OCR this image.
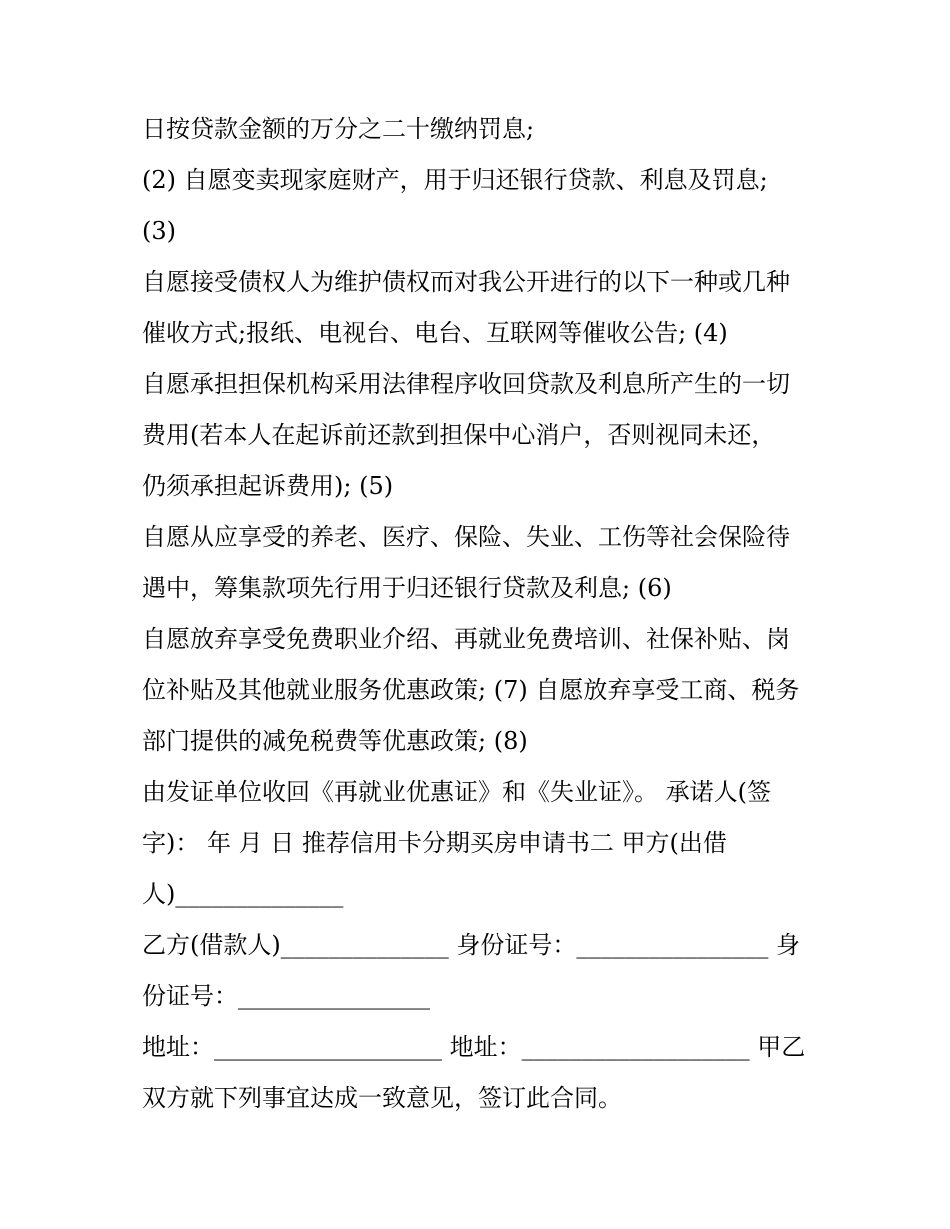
日按贷款金额的万分之二十缴纳罚息;
(2) 自愿变卖现家庭财产，用于归还银行贷款、利息及罚息;
(3)
自愿接受债权人为维护债权而对我公开进行的以下一种或几种
催收方式;报纸、电视台、电台、互联网等催收公告; (4)
自愿承担担保机构采用法律程序收回贷款及利息所产生的一切
费用(若本人在起诉前还款到担保中心消户，否则视同未还，
仍须承担起诉费用); (5)
自愿从应享受的养老、医疗、保险、失业、工伤等社会保险待
遇中，筹集款项先行用于归还银行贷款及利息; (6)
自愿放弃享受免费职业介绍、再就业免费培训、社保补贴、岗
位补贴及其他就业服务优惠政策; (7) 自愿放弃享受工商、税务
部门提供的减免税费等优惠政策; (8)
由发证单位收回《再就业优惠证》和《失业证》。 承诺人(签
字)： 年 月 日 推荐信用卡分期买房申请书二 甲方(出借
人)______________
乙方(借款人)______________ 身份证号：________________ 身
份证号：________________
地址：___________________ 地址：___________________ 甲乙
双方就下列事宜达成一致意见，签订此合同。
